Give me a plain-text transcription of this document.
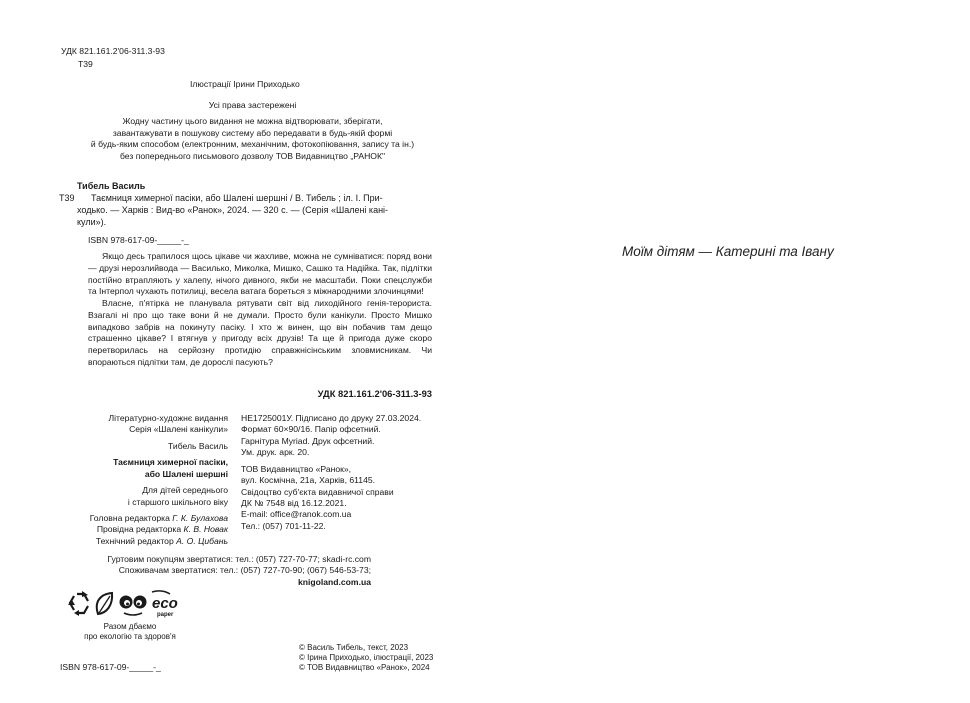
УДК 821.161.2'06-311.3-93
Т39
Ілюстрації Ірини Приходько
Усі права застережені
Жодну частину цього видання не можна відтворювати, зберігати,
завантажувати в пошукову систему або передавати в будь-якій формі
й будь-яким способом (електронним, механічним, фотокопіювання, запису та ін.)
без попереднього письмового дозволу ТОВ Видавництво „РАНОК"
Т39
Тибель Василь
Таємниця химерної пасіки, або Шалені шершні / В. Тибель ; іл. І. При-
ходько. — Харків : Вид-во «Ранок», 2024. — 320 с. — (Серія «Шалені кані-
кули»).
ISBN 978-617-09-_____-_

Якщо десь трапилося щось цікаве чи жахливе, можна не сумніватися: поряд вони — друзі нерозлийвода — Василько, Миколка, Мишко, Сашко та Надійка. Так, підлітки постійно втрапляють у халепу, нічого дивного, якби не масштаби. Поки спецслужби та Інтерпол чухають потилиці, весела ватага бореться з міжнародними злочинцями!

Власне, п'ятірка не планувала рятувати світ від лиходійного генія-терориста. Взагалі ні про що таке вони й не думали. Просто були канікули. Просто Мишко випадково забрів на покинуту пасіку. І хто ж винен, що він побачив там дещо страшенно цікаве? І втягнув у пригоду всіх друзів! Та ще й пригода дуже скоро перетворилась на серйозну протидію справжнісінським зловмисникам. Чи впораються підлітки там, де дорослі пасують?

УДК 821.161.2'06-311.3-93
Літературно-художнє видання
Серія «Шалені канікули»
Тибель Василь
Таємниця химерної пасіки,
або Шалені шершні
Для дітей середнього
і старшого шкільного віку
Головна редакторка Г. К. Булахова
Провідна редакторка К. В. Новак
Технічний редактор А. О. Цибань
НЕ1725001У. Підписано до друку 27.03.2024.
Формат 60×90/16. Папір офсетний.
Гарнітура Myriad. Друк офсетний.
Ум. друк. арк. 20.
ТОВ Видавництво «Ранок»,
вул. Космічна, 21а, Харків, 61145.
Свідоцтво суб'єкта видавничої справи
ДК № 7548 від 16.12.2021.
E-mail: office@ranok.com.ua
Тел.: (057) 701-11-22.
Гуртовим покупцям звертатися: тел.: (057) 727-70-77; skadi-rc.com
Споживачам звертатися: тел.: (057) 727-70-90; (067) 546-53-73;
knigoland.com.ua
eco
paper
Разом дбаємо
про екологію та здоров'я
ISBN 978-617-09-_____-_
© Василь Тибель, текст, 2023
© Ірина Приходько, ілюстрації, 2023
© ТОВ Видавництво «Ранок», 2024
Моїм дітям — Катерині та Івану
